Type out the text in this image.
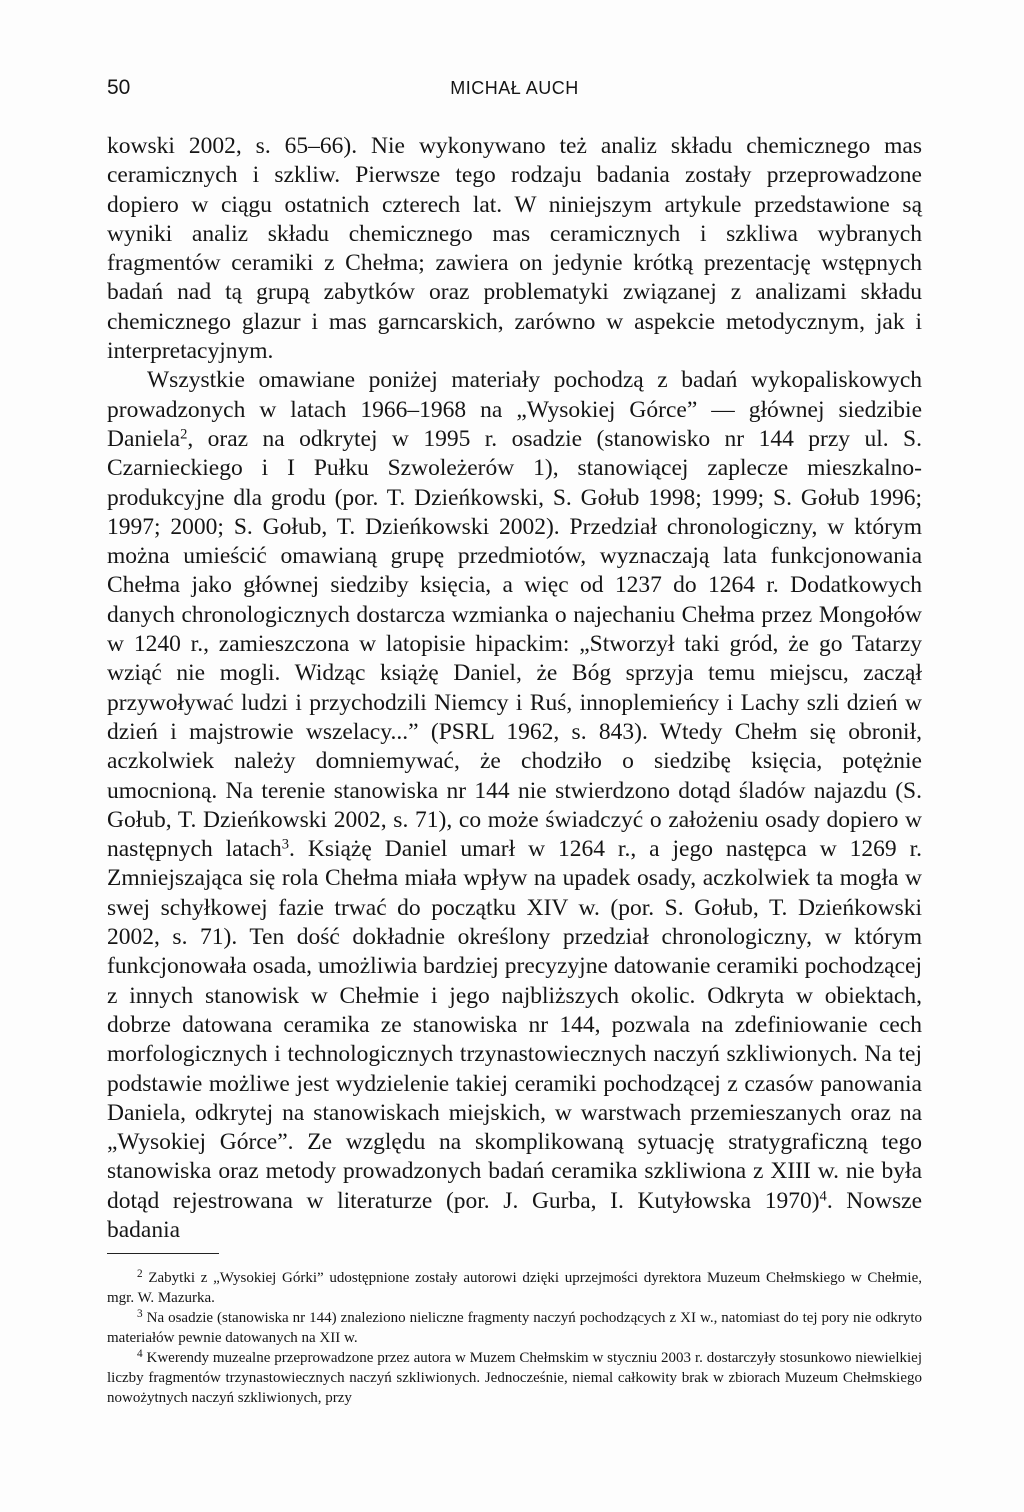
50	MICHAŁ AUCH

kowski 2002, s. 65–66). Nie wykonywano też analiz składu chemicznego mas ceramicznych i szkliw. Pierwsze tego rodzaju badania zostały przeprowadzone dopiero w ciągu ostatnich czterech lat. W niniejszym artykule przedstawione są wyniki analiz składu chemicznego mas ceramicznych i szkliwa wybranych fragmentów ceramiki z Chełma; zawiera on jedynie krótką prezentację wstępnych badań nad tą grupą zabytków oraz problematyki związanej z analizami składu chemicznego glazur i mas garncarskich, zarówno w aspekcie metodycznym, jak i interpretacyjnym.

Wszystkie omawiane poniżej materiały pochodzą z badań wykopaliskowych prowadzonych w latach 1966–1968 na „Wysokiej Górce” — głównej siedzibie Daniela$^2$, oraz na odkrytej w 1995 r. osadzie (stanowisko nr 144 przy ul. S. Czarnieckiego i I Pułku Szwoleżerów 1), stanowiącej zaplecze mieszkalno-produkcyjne dla grodu (por. T. Dzieńkowski, S. Gołub 1998; 1999; S. Gołub 1996; 1997; 2000; S. Gołub, T. Dzieńkowski 2002). Przedział chronologiczny, w którym można umieścić omawianą grupę przedmiotów, wyznaczają lata funkcjonowania Chełma jako głównej siedziby księcia, a więc od 1237 do 1264 r. Dodatkowych danych chronologicznych dostarcza wzmianka o najechaniu Chełma przez Mongołów w 1240 r., zamieszczona w latopisie hipackim: „Stworzył taki gród, że go Tatarzy wziąć nie mogli. Widząc książę Daniel, że Bóg sprzyja temu miejscu, zaczął przywoływać ludzi i przychodzili Niemcy i Ruś, innoplemieńcy i Lachy szli dzień w dzień i majstrowie wszelacy...” (PSRL 1962, s. 843). Wtedy Chełm się obronił, aczkolwiek należy domniemywać, że chodziło o siedzibę księcia, potężnie umocnioną. Na terenie stanowiska nr 144 nie stwierdzono dotąd śladów najazdu (S. Gołub, T. Dzieńkowski 2002, s. 71), co może świadczyć o założeniu osady dopiero w następnych latach$^3$. Książę Daniel umarł w 1264 r., a jego następca w 1269 r. Zmniejszająca się rola Chełma miała wpływ na upadek osady, aczkolwiek ta mogła w swej schyłkowej fazie trwać do początku XIV w. (por. S. Gołub, T. Dzieńkowski 2002, s. 71). Ten dość dokładnie określony przedział chronologiczny, w którym funkcjonowała osada, umożliwia bardziej precyzyjne datowanie ceramiki pochodzącej z innych stanowisk w Chełmie i jego najbliższych okolic. Odkryta w obiektach, dobrze datowana ceramika ze stanowiska nr 144, pozwala na zdefiniowanie cech morfologicznych i technologicznych trzynastowiecznych naczyń szkliwionych. Na tej podstawie możliwe jest wydzielenie takiej ceramiki pochodzącej z czasów panowania Daniela, odkrytej na stanowiskach miejskich, w warstwach przemieszanych oraz na „Wysokiej Górce”. Ze względu na skomplikowaną sytuację stratygraficzną tego stanowiska oraz metody prowadzonych badań ceramika szkliwiona z XIII w. nie była dotąd rejestrowana w literaturze (por. J. Gurba, I. Kutyłowska 1970)$^4$. Nowsze badania

$^2$ Zabytki z „Wysokiej Górki” udostępnione zostały autorowi dzięki uprzejmości dyrektora Muzeum Chełmskiego w Chełmie, mgr. W. Mazurka.

$^3$ Na osadzie (stanowiska nr 144) znaleziono nieliczne fragmenty naczyń pochodzących z XI w., natomiast do tej pory nie odkryto materiałów pewnie datowanych na XII w.

$^4$ Kwerendy muzealne przeprowadzone przez autora w Muzem Chełmskim w styczniu 2003 r. dostarczyły stosunkowo niewielkiej liczby fragmentów trzynastowiecznych naczyń szkliwionych. Jednocześnie, niemal całkowity brak w zbiorach Muzeum Chełmskiego nowożytnych naczyń szkliwionych, przy
